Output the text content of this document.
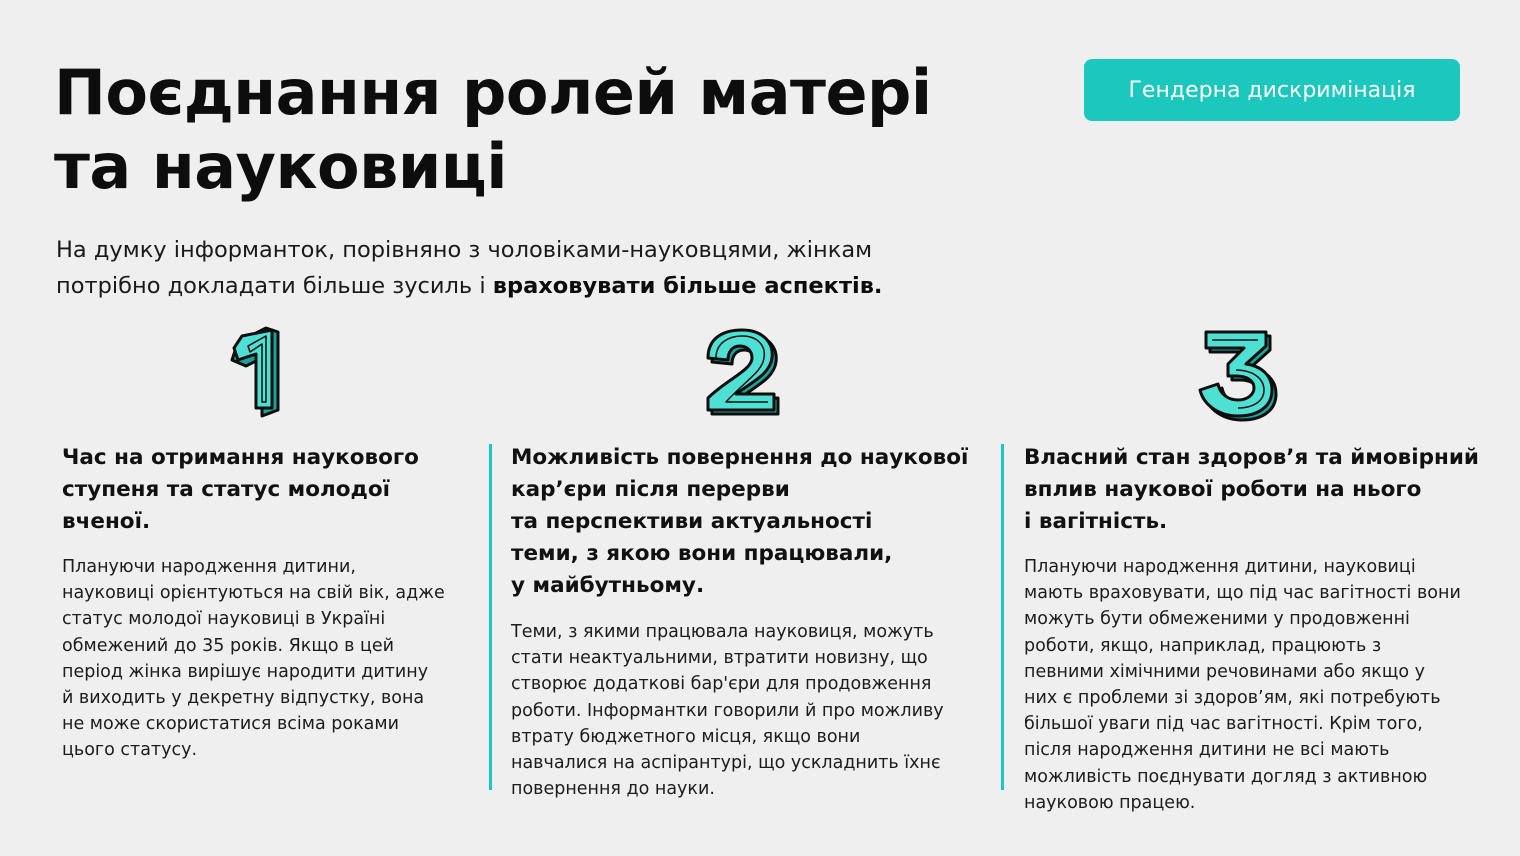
Поєднання ролей матері
та науковиці
Гендерна дискримінація

На думку інформанток, порівняно з чоловіками-науковцями, жінкам
потрібно докладати більше зусиль і враховувати більше аспектів.

Час на отримання наукового
ступеня та статус молодої
вченої.

Плануючи народження дитини,
науковиці орієнтуються на свій вік, адже
статус молодої науковиці в Україні
обмежений до 35 років. Якщо в цей
період жінка вирішує народити дитину
й виходить у декретну відпустку, вона
не може скористатися всіма роками
цього статусу.

Можливість повернення до наукової
кар’єри після перерви
та перспективи актуальності
теми, з якою вони працювали,
у майбутньому.

Теми, з якими працювала науковиця, можуть
стати неактуальними, втратити новизну, що
створює додаткові бар'єри для продовження
роботи. Інформантки говорили й про можливу
втрату бюджетного місця, якщо вони
навчалися на аспірантурі, що ускладнить їхнє
повернення до науки.

Власний стан здоров’я та ймовірний
вплив наукової роботи на нього
і вагітність.

Плануючи народження дитини, науковиці
мають враховувати, що під час вагітності вони
можуть бути обмеженими у продовженні
роботи, якщо, наприклад, працюють з
певними хімічними речовинами або якщо у
них є проблеми зі здоров’ям, які потребують
більшої уваги під час вагітності. Крім того,
після народження дитини не всі мають
можливість поєднувати догляд з активною
науковою працею.
